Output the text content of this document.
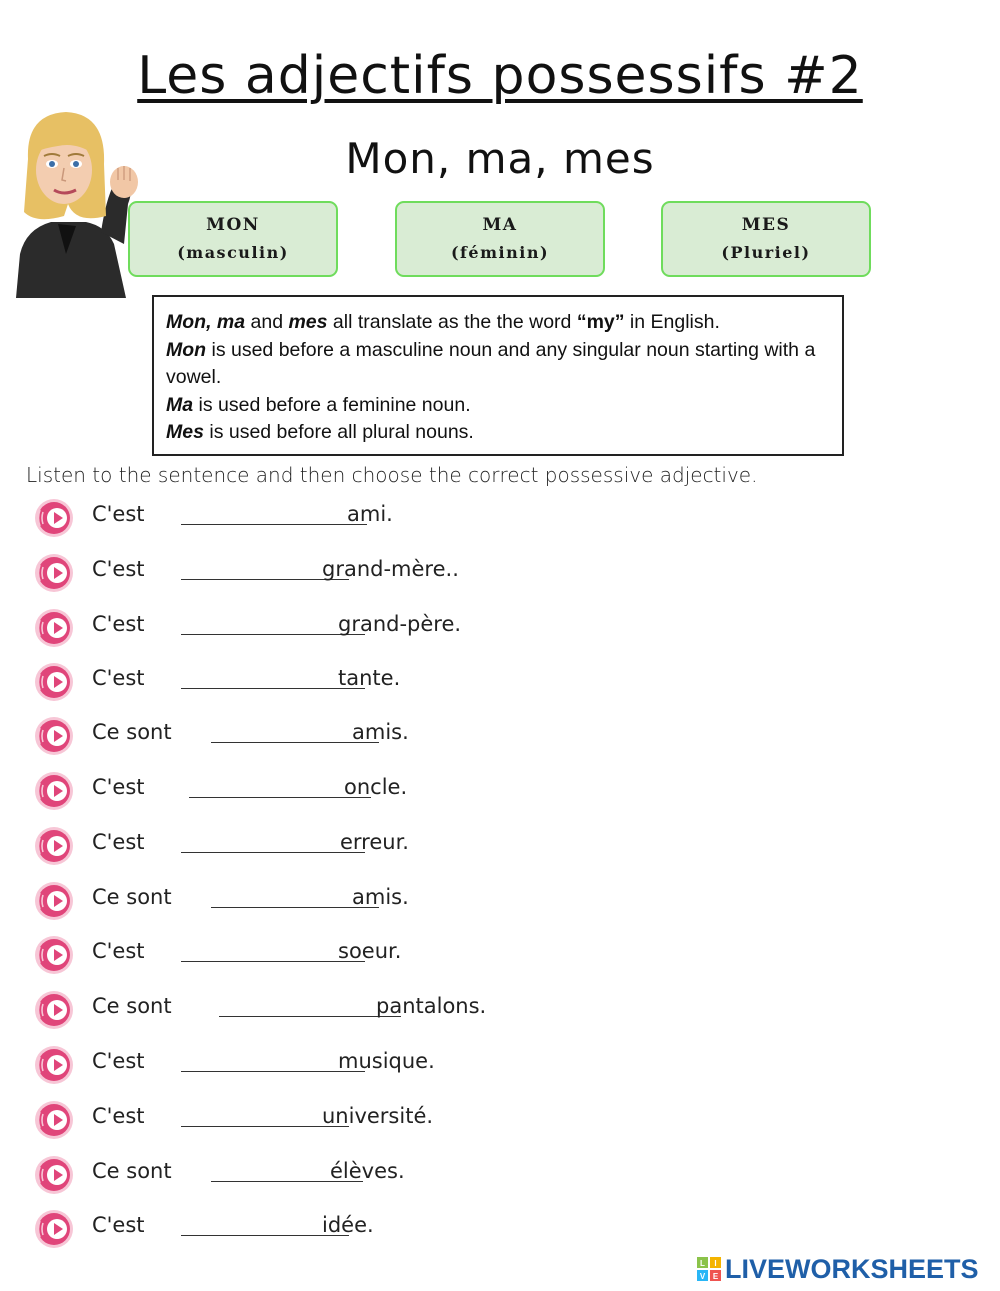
Les adjectifs possessifs #2
Mon, ma, mes
MON
(masculin)
MA
(féminin)
MES
(Pluriel)

Mon, ma and mes all translate as the the word “my” in English.

Mon is used before a masculine noun and any singular noun starting with a vowel.

Ma is used before a feminine noun.

Mes is used before all plural nouns.

Listen to the sentence and then choose the correct possessive adjective.
C'est	ami.
C'est	grand-mère..
C'est	grand-père.
C'est	tante.
Ce sont	amis.
C'est	oncle.
C'est	erreur.
Ce sont	amis.
C'est	soeur.
Ce sont	pantalons.
C'est	musique.
C'est	université.
Ce sont	élèves.
C'est	idée.
L I
V E LIVEWORKSHEETS
